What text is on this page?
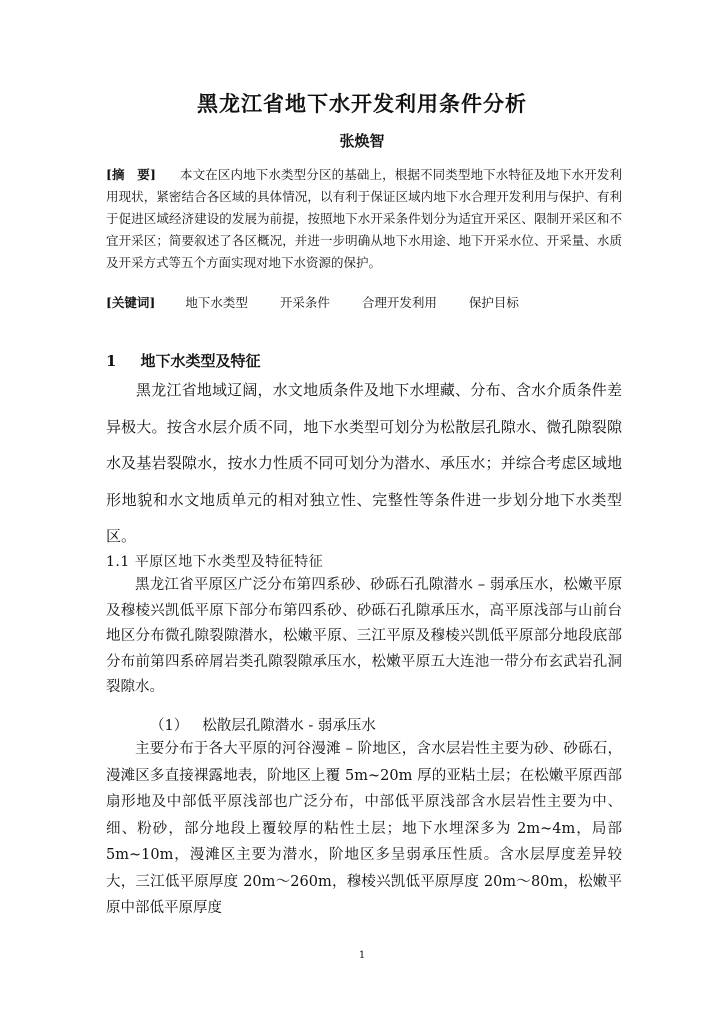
黑龙江省地下水开发利用条件分析
张焕智
[摘　要] 本文在区内地下水类型分区的基础上，根据不同类型地下水特征及地下水开发利用现状，紧密结合各区域的具体情况，以有利于保证区域内地下水合理开发利用与保护、有利于促进区域经济建设的发展为前提，按照地下水开采条件划分为适宜开采区、限制开采区和不宜开采区；简要叙述了各区概况，并进一步明确从地下水用途、地下开采水位、开采量、水质及开采方式等五个方面实现对地下水资源的保护。
[关键词] 地下水类型	开采条件	合理开发利用	保护目标
1 地下水类型及特征
黑龙江省地域辽阔，水文地质条件及地下水埋藏、分布、含水介质条件差异极大。按含水层介质不同，地下水类型可划分为松散层孔隙水、微孔隙裂隙水及基岩裂隙水，按水力性质不同可划分为潜水、承压水；并综合考虑区域地形地貌和水文地质单元的相对独立性、完整性等条件进一步划分地下水类型区。
1.1 平原区地下水类型及特征特征
黑龙江省平原区广泛分布第四系砂、砂砾石孔隙潜水 – 弱承压水，松嫩平原及穆棱兴凯低平原下部分布第四系砂、砂砾石孔隙承压水，高平原浅部与山前台地区分布微孔隙裂隙潜水，松嫩平原、三江平原及穆棱兴凯低平原部分地段底部分布前第四系碎屑岩类孔隙裂隙承压水，松嫩平原五大连池一带分布玄武岩孔洞裂隙水。
（1） 松散层孔隙潜水 - 弱承压水
主要分布于各大平原的河谷漫滩 – 阶地区，含水层岩性主要为砂、砂砾石，漫滩区多直接裸露地表，阶地区上覆 5m~20m 厚的亚粘土层；在松嫩平原西部扇形地及中部低平原浅部也广泛分布，中部低平原浅部含水层岩性主要为中、细、粉砂，部分地段上覆较厚的粘性土层；地下水埋深多为 2m~4m，局部 5m~10m，漫滩区主要为潜水，阶地区多呈弱承压性质。含水层厚度差异较大，三江低平原厚度 20m～260m，穆棱兴凯低平原厚度 20m～80m，松嫩平原中部低平原厚度
1
